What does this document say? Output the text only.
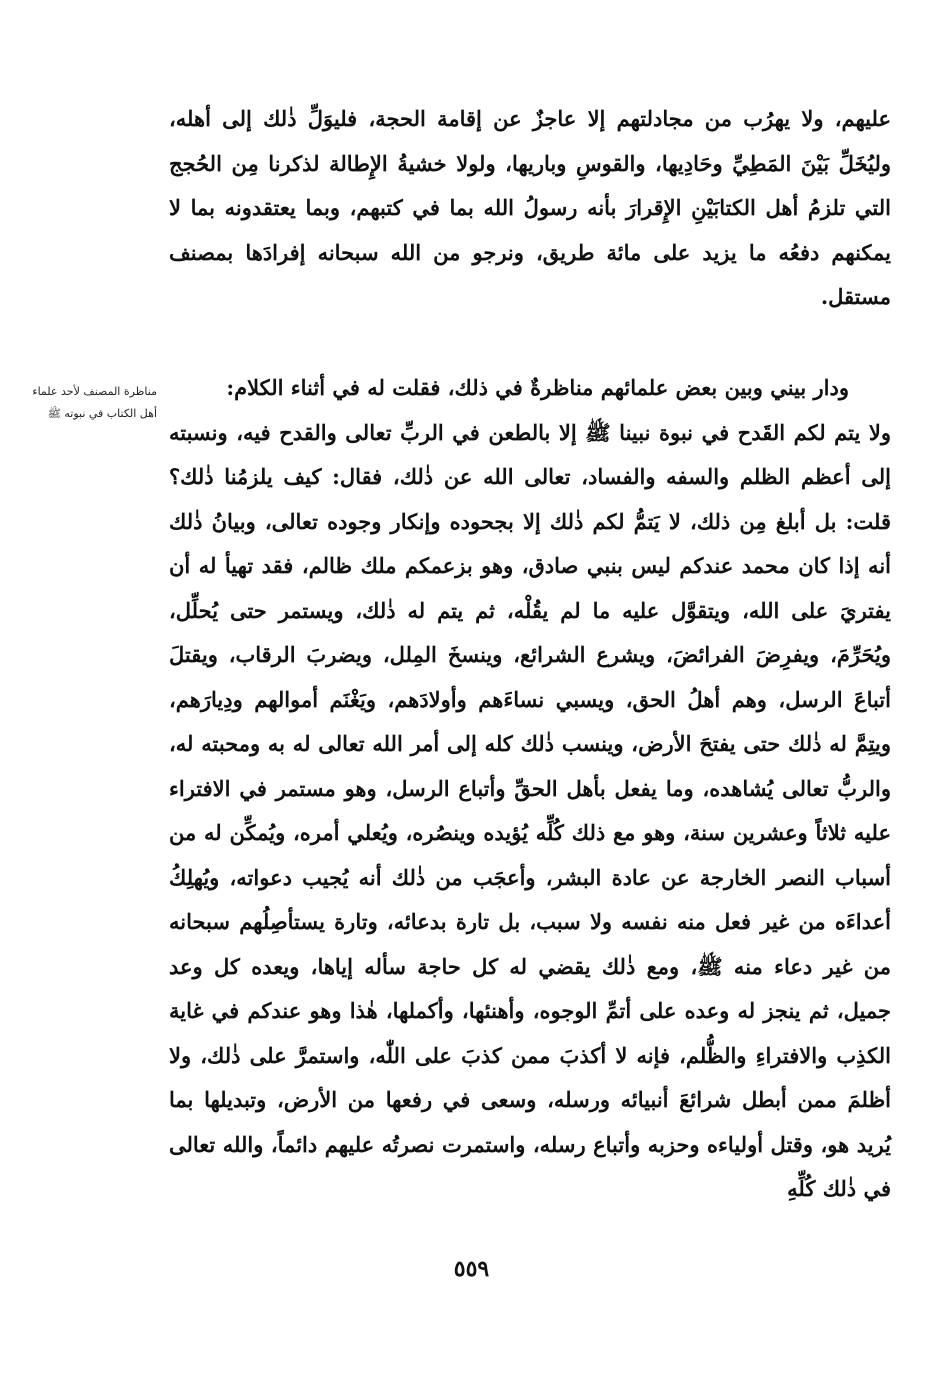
عليهم، ولا يهرُب من مجادلتهم إلا عاجزٌ عن إقامة الحجة، فليوَلِّ ذٰلك إلى أهله، وليُخَلِّ بَيْنَ المَطِيِّ وحَادِيها، والقوسِ وباريها، ولولا خشيةُ الإِطالة لذكرنا مِن الحُجج التي تلزمُ أهل الكتابَيْنِ الإِقرارَ بأنه رسولُ الله بما في كتبهم، وبما يعتقدونه بما لا يمكنهم دفعُه ما يزيد على مائة طريق، ونرجو من الله سبحانه إفرادَها بمصنف مستقل.

مناظرة المصنف لأحد علماء أهل الكتاب في نبوته ﷺ

ودار بيني وبين بعض علمائهم مناظرةٌ في ذلك، فقلت له في أثناء الكلام:

ولا يتم لكم القَدح في نبوة نبينا ﷺ إلا بالطعن في الربِّ تعالى والقدح فيه، ونسبته إلى أعظم الظلم والسفه والفساد، تعالى الله عن ذٰلك، فقال: كيف يلزمُنا ذٰلك؟ قلت: بل أبلغ مِن ذلك، لا يَتمُّ لكم ذٰلك إلا بجحوده وإنكار وجوده تعالى، وبيانُ ذٰلك أنه إذا كان محمد عندكم ليس بنبي صادق، وهو بزعمكم ملك ظالم، فقد تهيأ له أن يفتريَ على الله، ويتقوَّل عليه ما لم يقُلْه، ثم يتم له ذٰلك، ويستمر حتى يُحلِّل، ويُحَرِّمَ، ويفرِضَ الفرائضَ، ويشرع الشرائع، وينسخَ المِلل، ويضربَ الرقاب، ويقتلَ أتباعَ الرسل، وهم أهلُ الحق، ويسبي نساءَهم وأولادَهم، ويَغْنَم أموالهم ودِيارَهم، ويتِمَّ له ذٰلك حتى يفتحَ الأرض، وينسب ذٰلك كله إلى أمر الله تعالى له به ومحبته له، والربُّ تعالى يُشاهده، وما يفعل بأهل الحقِّ وأتباع الرسل، وهو مستمر في الافتراء عليه ثلاثاً وعشرين سنة، وهو مع ذلك كُلِّه يُؤيده وينصُره، ويُعلي أمره، ويُمكِّن له من أسباب النصر الخارجة عن عادة البشر، وأعجَب من ذٰلك أنه يُجيب دعواته، ويُهلِكُ أعداءَه من غير فعل منه نفسه ولا سبب، بل تارة بدعائه، وتارة يستأصِلُهم سبحانه من غير دعاء منه ﷺ، ومع ذٰلك يقضي له كل حاجة سأله إياها، ويعده كل وعد جميل، ثم ينجز له وعده على أتمِّ الوجوه، وأهنئها، وأكملها، هٰذا وهو عندكم في غاية الكذِب والافتراءِ والظُّلم، فإنه لا أكذبَ ممن كذبَ على اللّٰه، واستمرَّ على ذٰلك، ولا أظلمَ ممن أبطل شرائعَ أنبيائه ورسله، وسعى في رفعها من الأرض، وتبديلها بما يُريد هو، وقتل أولياءه وحزبه وأتباع رسله، واستمرت نصرتُه عليهم دائماً، والله تعالى في ذٰلك كُلِّهِ

٥٥٩
